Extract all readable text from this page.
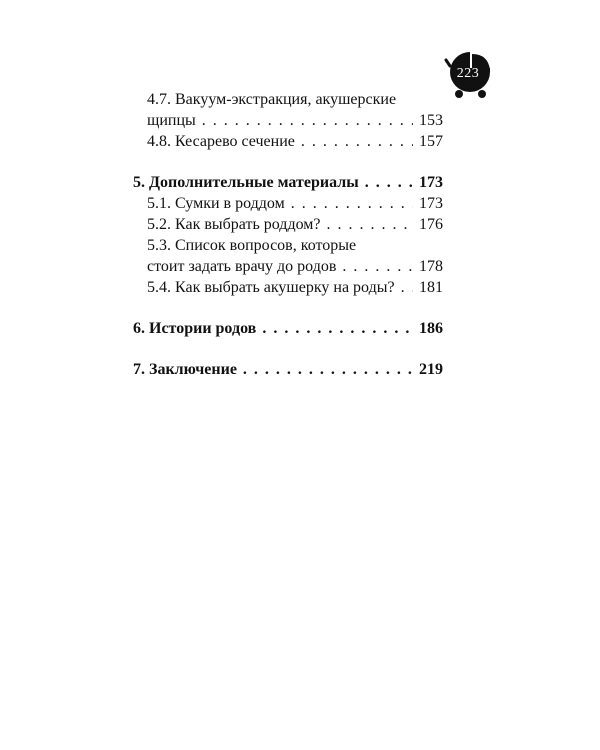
223
4.7. Вакуум-экстракция, акушерские
щипцы . . .	153
4.8. Кесарево сечение . . .	157
5. Дополнительные материалы . . .	173
5.1. Сумки в роддом . . .	173
5.2. Как выбрать роддом? . . .	176
5.3. Список вопросов, которые
стоит задать врачу до родов . . .	178
5.4. Как выбрать акушерку на роды? . . . 181
6. Истории родов . . .	186
7. Заключение . . .	219
